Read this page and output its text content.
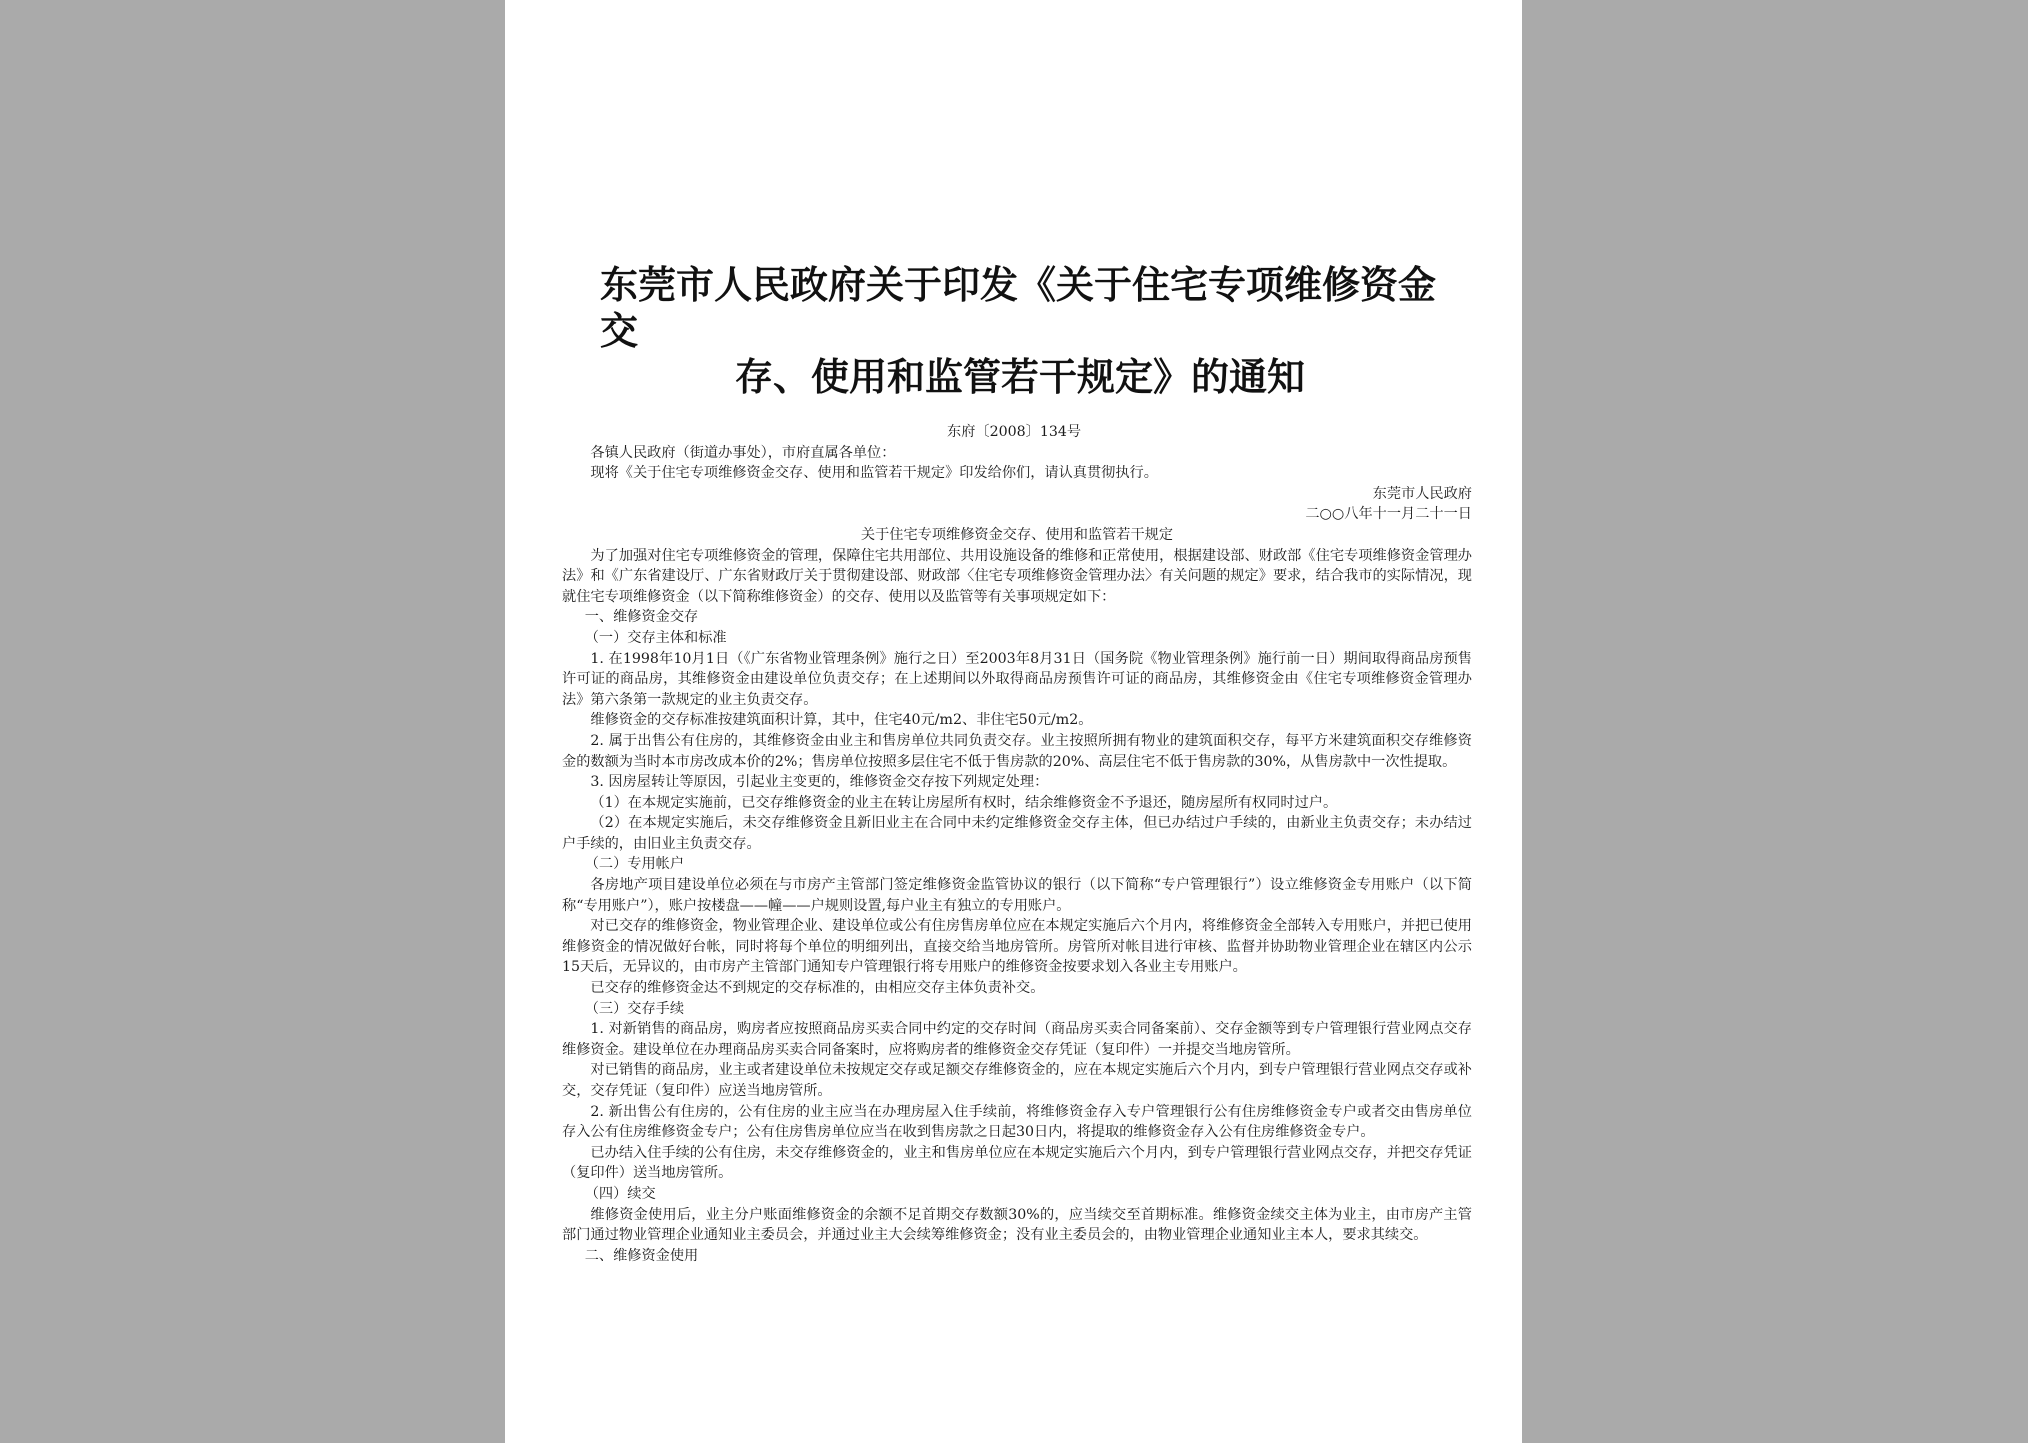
东莞市人民政府关于印发《关于住宅专项维修资金交
存、使用和监管若干规定》的通知

东府〔2008〕134号

各镇人民政府（街道办事处），市府直属各单位：

现将《关于住宅专项维修资金交存、使用和监管若干规定》印发给你们，请认真贯彻执行。

东莞市人民政府

二○○八年十一月二十一日

关于住宅专项维修资金交存、使用和监管若干规定

为了加强对住宅专项维修资金的管理，保障住宅共用部位、共用设施设备的维修和正常使用，根据建设部、财政部《住宅专项维修资金管理办法》和《广东省建设厅、广东省财政厅关于贯彻建设部、财政部〈住宅专项维修资金管理办法〉有关问题的规定》要求，结合我市的实际情况，现就住宅专项维修资金（以下简称维修资金）的交存、使用以及监管等有关事项规定如下：

一、维修资金交存

（一）交存主体和标准

1. 在1998年10月1日（《广东省物业管理条例》施行之日）至2003年8月31日（国务院《物业管理条例》施行前一日）期间取得商品房预售许可证的商品房，其维修资金由建设单位负责交存；在上述期间以外取得商品房预售许可证的商品房，其维修资金由《住宅专项维修资金管理办法》第六条第一款规定的业主负责交存。

维修资金的交存标准按建筑面积计算，其中，住宅40元/m2、非住宅50元/m2。

2. 属于出售公有住房的，其维修资金由业主和售房单位共同负责交存。业主按照所拥有物业的建筑面积交存，每平方米建筑面积交存维修资金的数额为当时本市房改成本价的2%；售房单位按照多层住宅不低于售房款的20%、高层住宅不低于售房款的30%，从售房款中一次性提取。

3. 因房屋转让等原因，引起业主变更的，维修资金交存按下列规定处理：

（1）在本规定实施前，已交存维修资金的业主在转让房屋所有权时，结余维修资金不予退还，随房屋所有权同时过户。

（2）在本规定实施后，未交存维修资金且新旧业主在合同中未约定维修资金交存主体，但已办结过户手续的，由新业主负责交存；未办结过户手续的，由旧业主负责交存。

（二）专用帐户

各房地产项目建设单位必须在与市房产主管部门签定维修资金监管协议的银行（以下简称“专户管理银行”）设立维修资金专用账户（以下简称“专用账户”），账户按楼盘——幢——户规则设置,每户业主有独立的专用账户。

对已交存的维修资金，物业管理企业、建设单位或公有住房售房单位应在本规定实施后六个月内，将维修资金全部转入专用账户，并把已使用维修资金的情况做好台帐，同时将每个单位的明细列出，直接交给当地房管所。房管所对帐目进行审核、监督并协助物业管理企业在辖区内公示15天后，无异议的，由市房产主管部门通知专户管理银行将专用账户的维修资金按要求划入各业主专用账户。

已交存的维修资金达不到规定的交存标准的，由相应交存主体负责补交。

（三）交存手续

1. 对新销售的商品房，购房者应按照商品房买卖合同中约定的交存时间（商品房买卖合同备案前）、交存金额等到专户管理银行营业网点交存维修资金。建设单位在办理商品房买卖合同备案时，应将购房者的维修资金交存凭证（复印件）一并提交当地房管所。

对已销售的商品房，业主或者建设单位未按规定交存或足额交存维修资金的，应在本规定实施后六个月内，到专户管理银行营业网点交存或补交，交存凭证（复印件）应送当地房管所。

2. 新出售公有住房的，公有住房的业主应当在办理房屋入住手续前，将维修资金存入专户管理银行公有住房维修资金专户或者交由售房单位存入公有住房维修资金专户；公有住房售房单位应当在收到售房款之日起30日内，将提取的维修资金存入公有住房维修资金专户。

已办结入住手续的公有住房，未交存维修资金的，业主和售房单位应在本规定实施后六个月内，到专户管理银行营业网点交存，并把交存凭证（复印件）送当地房管所。

（四）续交

维修资金使用后，业主分户账面维修资金的余额不足首期交存数额30%的，应当续交至首期标准。维修资金续交主体为业主，由市房产主管部门通过物业管理企业通知业主委员会，并通过业主大会续筹维修资金；没有业主委员会的，由物业管理企业通知业主本人，要求其续交。

二、维修资金使用
